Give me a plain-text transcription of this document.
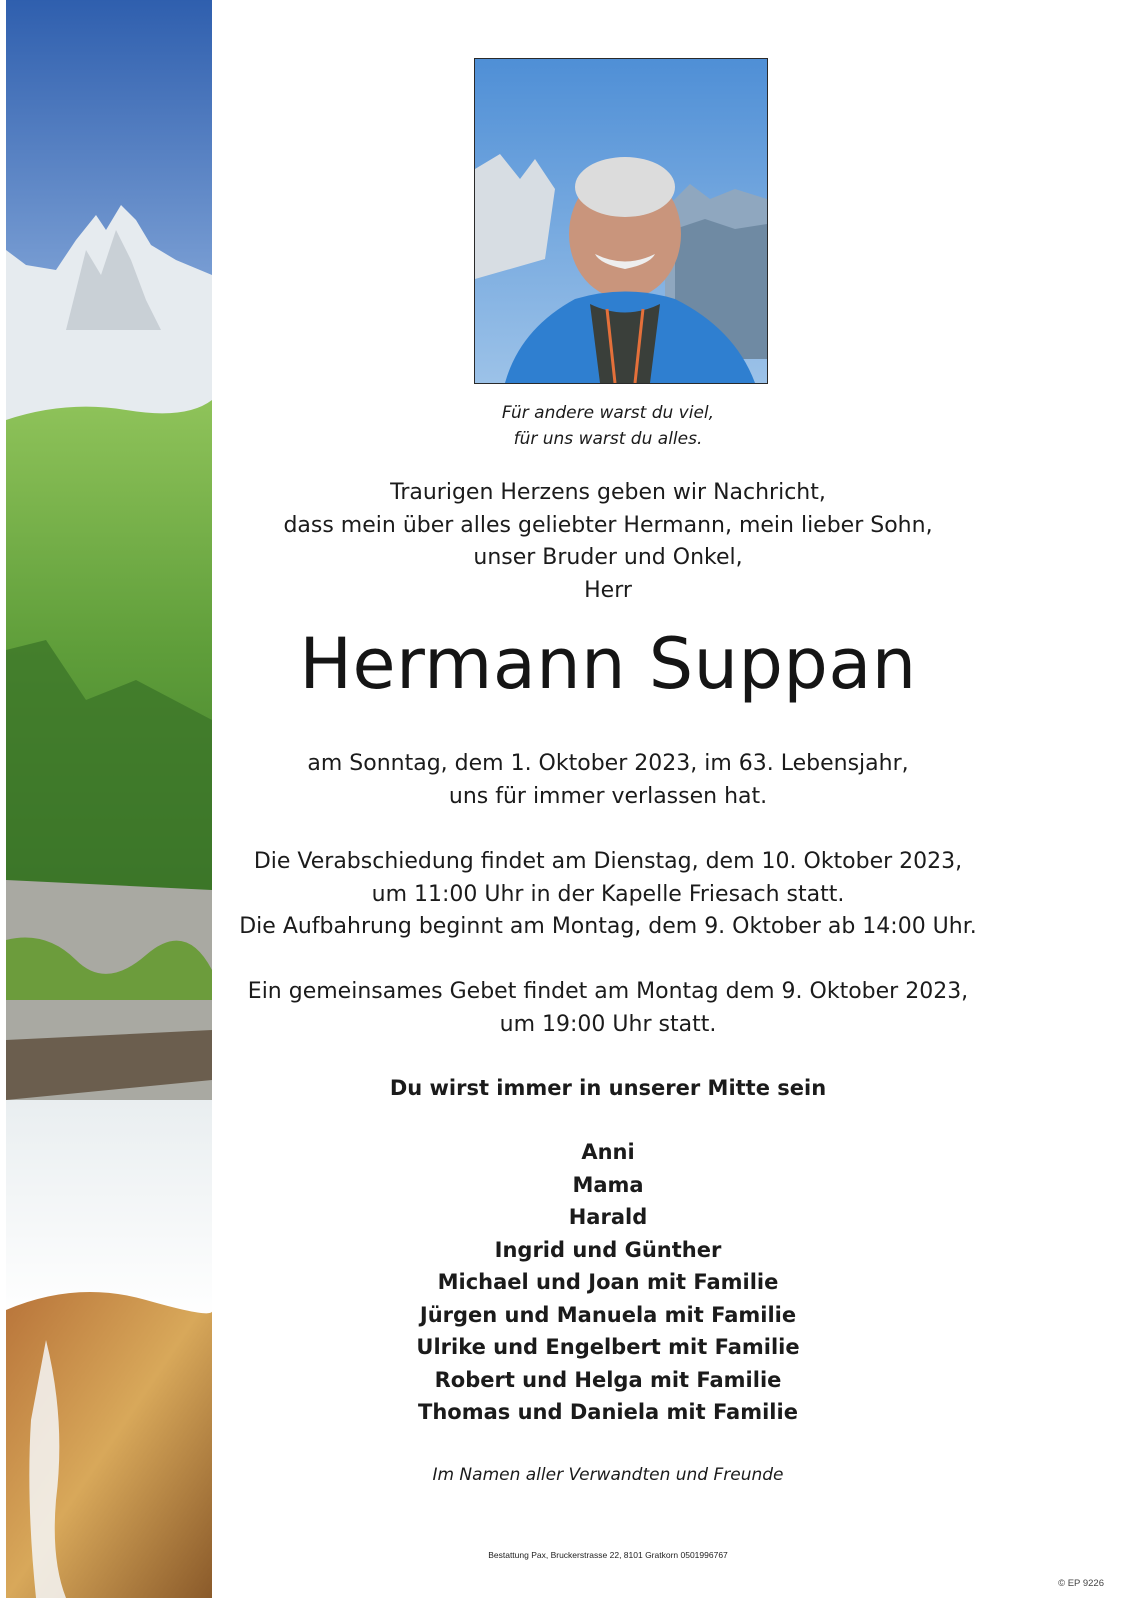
Für andere warst du viel,
für uns warst du alles.
Traurigen Herzens geben wir Nachricht,
dass mein über alles geliebter Hermann, mein lieber Sohn,
unser Bruder und Onkel,
Herr
Hermann Suppan
am Sonntag, dem 1. Oktober 2023, im 63. Lebensjahr,
uns für immer verlassen hat.
Die Verabschiedung findet am Dienstag, dem 10. Oktober 2023,
um 11:00 Uhr in der Kapelle Friesach statt.
Die Aufbahrung beginnt am Montag, dem 9. Oktober ab 14:00 Uhr.
Ein gemeinsames Gebet findet am Montag dem 9. Oktober 2023,
um 19:00 Uhr statt.
Du wirst immer in unserer Mitte sein
Anni
Mama
Harald
Ingrid und Günther
Michael und Joan mit Familie
Jürgen und Manuela mit Familie
Ulrike und Engelbert mit Familie
Robert und Helga mit Familie
Thomas und Daniela mit Familie
Im Namen aller Verwandten und Freunde
Bestattung Pax, Bruckerstrasse 22, 8101 Gratkorn 0501996767
© EP 9226
